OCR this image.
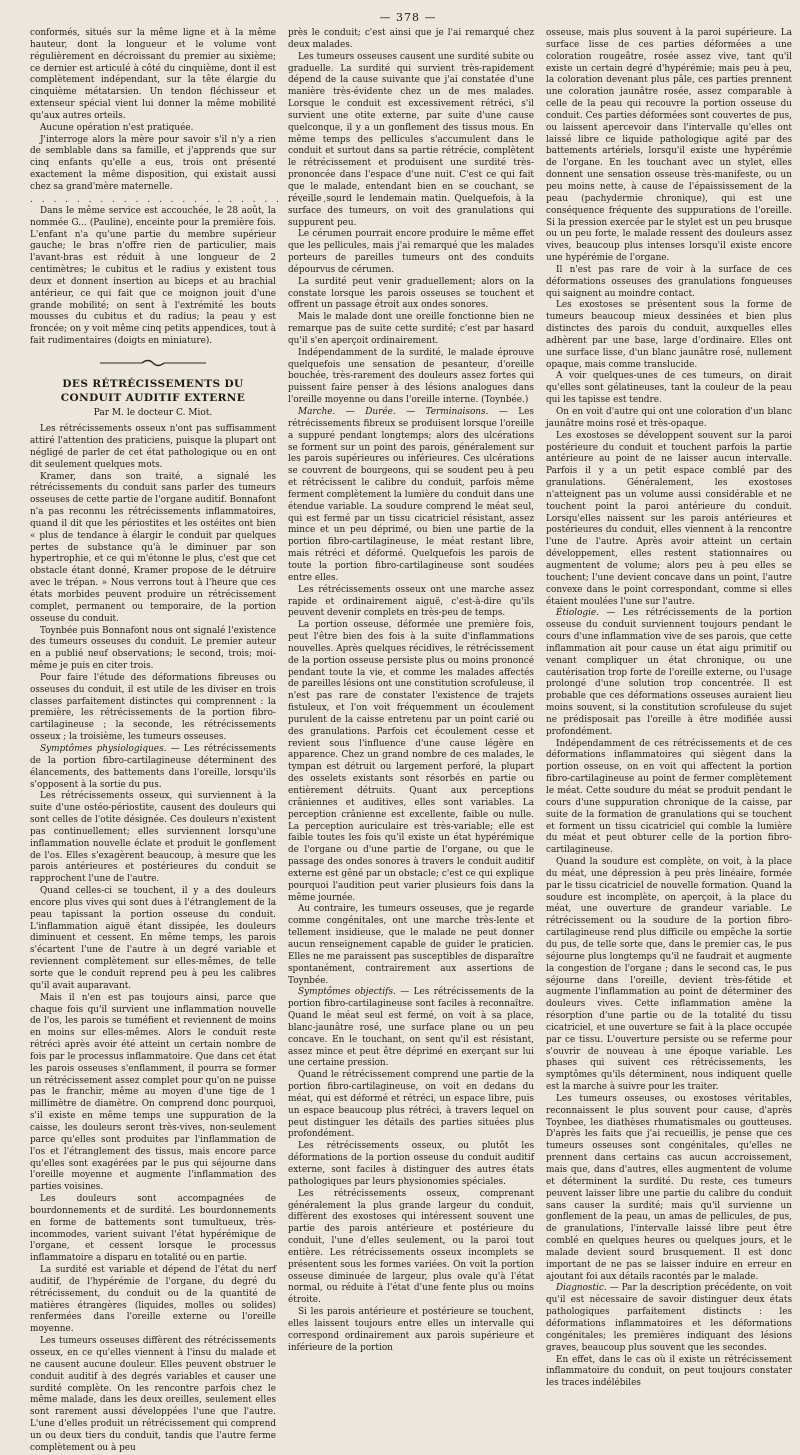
— 378 —

conformés, situés sur la même ligne et à la même hauteur, dont la longueur et le volume vont régulièrement en décroissant du premier au sixième; ce dernier est articulé à côté du cinquième, dont il est complètement indépendant, sur la tête élargie du cinquième métatarsien. Un tendon fléchisseur et extenseur spécial vient lui donner la même mobilité qu'aux autres orteils.

Aucune opération n'est pratiquée.

J'interroge alors la mère pour savoir s'il n'y a rien de semblable dans sa famille, et j'apprends que sur cinq enfants qu'elle a eus, trois ont présenté exactement la même disposition, qui existait aussi chez sa grand'mère maternelle.

. . . . . . . . . . . . . . . . . . . . . . . . . . .

Dans le même service est accouchée, le 28 août, la nommée G... (Pauline), enceinte pour la première fois. L'enfant n'a qu'une partie du membre supérieur gauche; le bras n'offre rien de particulier, mais l'avant-bras est réduit à une longueur de 2 centimètres; le cubitus et le radius y existent tous deux et donnent insertion au biceps et au brachial antérieur, ce qui fait que ce moignon jouit d'une grande mobilité; on sent à l'extrémité les bouts mousses du cubitus et du radius; la peau y est froncée; on y voit même cinq petits appendices, tout à fait rudimentaires (doigts en miniature).

DES RÉTRÉCISSEMENTS DU CONDUIT AUDITIF EXTERNE
Par M. le docteur C. Miot.

Les rétrécissements osseux n'ont pas suffisamment attiré l'attention des praticiens, puisque la plupart ont négligé de parler de cet état pathologique ou en ont dit seulement quelques mots.

Kramer, dans son traité, a signalé les rétrécissements du conduit sans parler des tumeurs osseuses de cette partie de l'organe auditif. Bonnafont n'a pas reconnu les rétrécissements inflammatoires, quand il dit que les périostites et les ostéites ont bien « plus de tendance à élargir le conduit par quelques pertes de substance qu'à le diminuer par son hypertrophie, et ce qui m'étonne le plus, c'est que cet obstacle étant donné, Kramer propose de le détruire avec le trépan. » Nous verrons tout à l'heure que ces états morbides peuvent produire un rétrécissement complet, permanent ou temporaire, de la portion osseuse du conduit.

Toynbée puis Bonnafont nous ont signalé l'existence des tumeurs osseuses du conduit. Le premier auteur en a publié neuf observations; le second, trois; moi-même je puis en citer trois.

Pour faire l'étude des déformations fibreuses ou osseuses du conduit, il est utile de les diviser en trois classes parfaitement distinctes qui comprennent : la première, les rétrécissements de la portion fibro-cartilagineuse ; la seconde, les rétrécissements osseux ; la troisième, les tumeurs osseuses.

Symptômes physiologiques. — Les rétrécissements de la portion fibro-cartilagineuse déterminent des élancements, des battements dans l'oreille, lorsqu'ils s'opposent à la sortie du pus.

Les rétrécissements osseux, qui surviennent à la suite d'une ostéo-périostite, causent des douleurs qui sont celles de l'otite désignée. Ces douleurs n'existent pas continuellement; elles surviennent lorsqu'une inflammation nouvelle éclate et produit le gonflement de l'os. Elles s'exagèrent beaucoup, à mesure que les parois antérieures et postérieures du conduit se rapprochent l'une de l'autre.

Quand celles-ci se touchent, il y a des douleurs encore plus vives qui sont dues à l'étranglement de la peau tapissant la portion osseuse du conduit. L'inflammation aiguë étant dissipée, les douleurs diminuent et cessent. En même temps, les parois s'écartent l'une de l'autre à un degré variable et reviennent complètement sur elles-mêmes, de telle sorte que le conduit reprend peu à peu les calibres qu'il avait auparavant.

Mais il n'en est pas toujours ainsi, parce que chaque fois qu'il survient une inflammation nouvelle de l'os, les parois se tuméfient et reviennent de moins en moins sur elles-mêmes. Alors le conduit reste rétréci après avoir été atteint un certain nombre de fois par le processus inflammatoire. Que dans cet état les parois osseuses s'enflamment, il pourra se former un rétrécissement assez complet pour qu'on ne puisse pas le franchir, même au moyen d'une tige de 1 millimètre de diamètre. On comprend donc pourquoi, s'il existe en même temps une suppuration de la caisse, les douleurs seront très-vives, non-seulement parce qu'elles sont produites par l'inflammation de l'os et l'étranglement des tissus, mais encore parce qu'elles sont exagérées par le pus qui séjourne dans l'oreille moyenne et augmente l'inflammation des parties voisines.

Les douleurs sont accompagnées de bourdonnements et de surdité. Les bourdonnements en forme de battements sont tumultueux, très-incommodes, varient suivant l'état hypérémique de l'organe, et cessent lorsque le processus inflammatoire a disparu en totalité ou en partie.

La surdité est variable et dépend de l'état du nerf auditif, de l'hypérémie de l'organe, du degré du rétrécissement, du conduit ou de la quantité de matières étrangères (liquides, molles ou solides) renfermées dans l'oreille externe ou l'oreille moyenne.

Les tumeurs osseuses diffèrent des rétrécissements osseux, en ce qu'elles viennent à l'insu du malade et ne causent aucune douleur. Elles peuvent obstruer le conduit auditif à des degrés variables et causer une surdité complète. On les rencontre parfois chez le même malade, dans les deux oreilles, seulement elles sont rarement aussi développées l'une que l'autre. L'une d'elles produit un rétrécissement qui comprend un ou deux tiers du conduit, tandis que l'autre ferme complètement ou à peu

près le conduit; c'est ainsi que je l'ai remarqué chez deux malades.

Les tumeurs osseuses causent une surdité subite ou graduelle. La surdité qui survient très-rapidement dépend de la cause suivante que j'ai constatée d'une manière très-évidente chez un de mes malades. Lorsque le conduit est excessivement rétréci, s'il survient une otite externe, par suite d'une cause quelconque, il y a un gonflement des tissus mous. En même temps des pellicules s'accumulent dans le conduit et surtout dans sa partie rétrécie, complètent le rétrécissement et produisent une surdité très-prononcée dans l'espace d'une nuit. C'est ce qui fait que le malade, entendant bien en se couchant, se réveille sourd le lendemain matin. Quelquefois, à la surface des tumeurs, on voit des granulations qui suppurent peu.

Le cérumen pourrait encore produire le même effet que les pellicules, mais j'ai remarqué que les malades porteurs de pareilles tumeurs ont des conduits dépourvus de cérumen.

La surdité peut venir graduellement; alors on la constate lorsque les parois osseuses se touchent et offrent un passage étroit aux ondes sonores.

Mais le malade dont une oreille fonctionne bien ne remarque pas de suite cette surdité; c'est par hasard qu'il s'en aperçoit ordinairement.

Indépendamment de la surdité, le malade éprouve quelquefois une sensation de pesanteur, d'oreille bouchée, très-rarement des douleurs assez fortes qui puissent faire penser à des lésions analogues dans l'oreille moyenne ou dans l'oreille interne. (Toynbée.)

Marche. — Durée. — Terminaisons. — Les rétrécissements fibreux se produisent lorsque l'oreille a suppuré pendant longtemps; alors des ulcérations se forment sur un point des parois, généralement sur les parois supérieures ou inférieures. Ces ulcérations se couvrent de bourgeons, qui se soudent peu à peu et rétrécissent le calibre du conduit, parfois même ferment complètement la lumière du conduit dans une étendue variable. La soudure comprend le méat seul, qui est fermé par un tissu cicatriciel résistant, assez mince et un peu déprimé, ou bien une partie de la portion fibro-cartilagineuse, le méat restant libre, mais rétréci et déformé. Quelquefois les parois de toute la portion fibro-cartilagineuse sont soudées entre elles.

Les rétrécissements osseux ont une marche assez rapide et ordinairement aiguë, c'est-à-dire qu'ils peuvent devenir complets en très-peu de temps.

La portion osseuse, déformée une première fois, peut l'être bien des fois à la suite d'inflammations nouvelles. Après quelques récidives, le rétrécissement de la portion osseuse persiste plus ou moins prononcé pendant toute la vie, et comme les malades affectés de pareilles lésions ont une constitution scrofuleuse, il n'est pas rare de constater l'existence de trajets fistuleux, et l'on voit fréquemment un écoulement purulent de la caisse entretenu par un point carié ou des granulations. Parfois cet écoulement cesse et revient sous l'influence d'une cause légère en apparence. Chez un grand nombre de ces malades, le tympan est détruit ou largement perforé, la plupart des osselets existants sont résorbés en partie ou entièrement détruits. Quant aux perceptions crâniennes et auditives, elles sont variables. La perception crânienne est excellente, faible ou nulle. La perception auriculaire est très-variable; elle est faible toutes les fois qu'il existe un état hypérémique de l'organe ou d'une partie de l'organe, ou que le passage des ondes sonores à travers le conduit auditif externe est gêné par un obstacle; c'est ce qui explique pourquoi l'audition peut varier plusieurs fois dans la même journée.

Au contraire, les tumeurs osseuses, que je regarde comme congénitales, ont une marche très-lente et tellement insidieuse, que le malade ne peut donner aucun renseignement capable de guider le praticien. Elles ne me paraissent pas susceptibles de disparaître spontanément, contrairement aux assertions de Toynbée.

Symptômes objectifs. — Les rétrécissements de la portion fibro-cartilagineuse sont faciles à reconnaître. Quand le méat seul est fermé, on voit à sa place, blanc-jaunâtre rosé, une surface plane ou un peu concave. En le touchant, on sent qu'il est résistant, assez mince et peut être déprimé en exerçant sur lui une certaine pression.

Quand le rétrécissement comprend une partie de la portion fibro-cartilagineuse, on voit en dedans du méat, qui est déformé et rétréci, un espace libre, puis un espace beaucoup plus rétréci, à travers lequel on peut distinguer les détails des parties situées plus profondément.

Les rétrécissements osseux, ou plutôt les déformations de la portion osseuse du conduit auditif externe, sont faciles à distinguer des autres états pathologiques par leurs physionomies spéciales.

Les rétrécissements osseux, comprenant généralement la plus grande largeur du conduit, diffèrent des exostoses qui intéressent souvent une partie des parois antérieure et postérieure du conduit, l'une d'elles seulement, ou la paroi tout entière. Les rétrécissements osseux incomplets se présentent sous les formes variées. On voit la portion osseuse diminuée de largeur, plus ovale qu'à l'état normal, ou réduite à l'état d'une fente plus ou moins étroite.

Si les parois antérieure et postérieure se touchent, elles laissent toujours entre elles un intervalle qui correspond ordinairement aux parois supérieure et inférieure de la portion

osseuse, mais plus souvent à la paroi supérieure. La surface lisse de ces parties déformées a une coloration rougeâtre, rosée assez vive, tant qu'il existe un certain degré d'hypérémie; mais peu à peu, la coloration devenant plus pâle, ces parties prennent une coloration jaunâtre rosée, assez comparable à celle de la peau qui recouvre la portion osseuse du conduit. Ces parties déformées sont couvertes de pus, ou laissent apercevoir dans l'intervalle qu'elles ont laissé libre ce liquide pathologique agité par des battements artériels, lorsqu'il existe une hypérémie de l'organe. En les touchant avec un stylet, elles donnent une sensation osseuse très-manifeste, ou un peu moins nette, à cause de l'épaississement de la peau (pachydermie chronique), qui est une conséquence fréquente des suppurations de l'oreille. Si la pression exercée par le stylet est un peu brusque ou un peu forte, le malade ressent des douleurs assez vives, beaucoup plus intenses lorsqu'il existe encore une hypérémie de l'organe.

Il n'est pas rare de voir à la surface de ces déformations osseuses des granulations fongueuses qui saignent au moindre contact.

Les exostoses se présentent sous la forme de tumeurs beaucoup mieux dessinées et bien plus distinctes des parois du conduit, auxquelles elles adhèrent par une base, large d'ordinaire. Elles ont une surface lisse, d'un blanc jaunâtre rosé, nullement opaque, mais comme translucide.

A voir quelques-unes de ces tumeurs, on dirait qu'elles sont gélatineuses, tant la couleur de la peau qui les tapisse est tendre.

On en voit d'autre qui ont une coloration d'un blanc jaunâtre moins rosé et très-opaque.

Les exostoses se développent souvent sur la paroi postérieure du conduit et touchent parfois la partie antérieure au point de ne laisser aucun intervalle. Parfois il y a un petit espace comblé par des granulations. Généralement, les exostoses n'atteignent pas un volume aussi considérable et ne touchent point la paroi antérieure du conduit. Lorsqu'elles naissent sur les parois antérieures et postérieures du conduit, elles viennent à la rencontre l'une de l'autre. Après avoir atteint un certain développement, elles restent stationnaires ou augmentent de volume; alors peu à peu elles se touchent; l'une devient concave dans un point, l'autre convexe dans le point correspondant, comme si elles étaient moulées l'une sur l'autre.

Étiologie. — Les rétrécissements de la portion osseuse du conduit surviennent toujours pendant le cours d'une inflammation vive de ses parois, que cette inflammation ait pour cause un état aigu primitif ou venant compliquer un état chronique, ou une cautérisation trop forte de l'oreille externe, ou l'usage prolongé d'une solution trop concentrée. Il est probable que ces déformations osseuses auraient lieu moins souvent, si la constitution scrofuleuse du sujet ne prédisposait pas l'oreille à être modifiée aussi profondément.

Indépendamment de ces rétrécissements et de ces déformations inflammatoires qui siègent dans la portion osseuse, on en voit qui affectent la portion fibro-cartilagineuse au point de fermer complètement le méat. Cette soudure du méat se produit pendant le cours d'une suppuration chronique de la caisse, par suite de la formation de granulations qui se touchent et forment un tissu cicatriciel qui comble la lumière du méat et peut obturer celle de la portion fibro-cartilagineuse.

Quand la soudure est complète, on voit, à la place du méat, une dépression à peu près linéaire, formée par le tissu cicatriciel de nouvelle formation. Quand la soudure est incomplète, on aperçoit, à la place du méat, une ouverture de grandeur variable. Le rétrécissement ou la soudure de la portion fibro-cartilagineuse rend plus difficile ou empêche la sortie du pus, de telle sorte que, dans le premier cas, le pus séjourne plus longtemps qu'il ne faudrait et augmente la congestion de l'organe ; dans le second cas, le pus séjourne dans l'oreille, devient très-fétide et augmente l'inflammation au point de déterminer des douleurs vives. Cette inflammation amène la résorption d'une partie ou de la totalité du tissu cicatriciel, et une ouverture se fait à la place occupée par ce tissu. L'ouverture persiste ou se referme pour s'ouvrir de nouveau à une époque variable. Les phases qui suivent ces rétrécissements, les symptômes qu'ils déterminent, nous indiquent quelle est la marche à suivre pour les traiter.

Les tumeurs osseuses, ou exostoses véritables, reconnaissent le plus souvent pour cause, d'après Toynbee, les diathèses rhumatismales ou goutteuses. D'après les faits que j'ai recueillis, je pense que ces tumeurs osseuses sont congénitales, qu'elles ne prennent dans certains cas aucun accroissement, mais que, dans d'autres, elles augmentent de volume et déterminent la surdité. Du reste, ces tumeurs peuvent laisser libre une partie du calibre du conduit sans causer la surdité; mais qu'il survienne un gonflement de la peau, un amas de pellicules, de pus, de granulations, l'intervalle laissé libre peut être comblé en quelques heures ou quelques jours, et le malade devient sourd brusquement. Il est donc important de ne pas se laisser induire en erreur en ajoutant foi aux détails racontés par le malade.

Diagnostic. — Par la description précédente, on voit qu'il est nécessaire de savoir distinguer deux états pathologiques parfaitement distincts : les déformations inflammatoires et les déformations congénitales; les premières indiquant des lésions graves, beaucoup plus souvent que les secondes.

En effet, dans le cas où il existe un rétrécissement inflammatoire du conduit, on peut toujours constater les traces indélébiles
